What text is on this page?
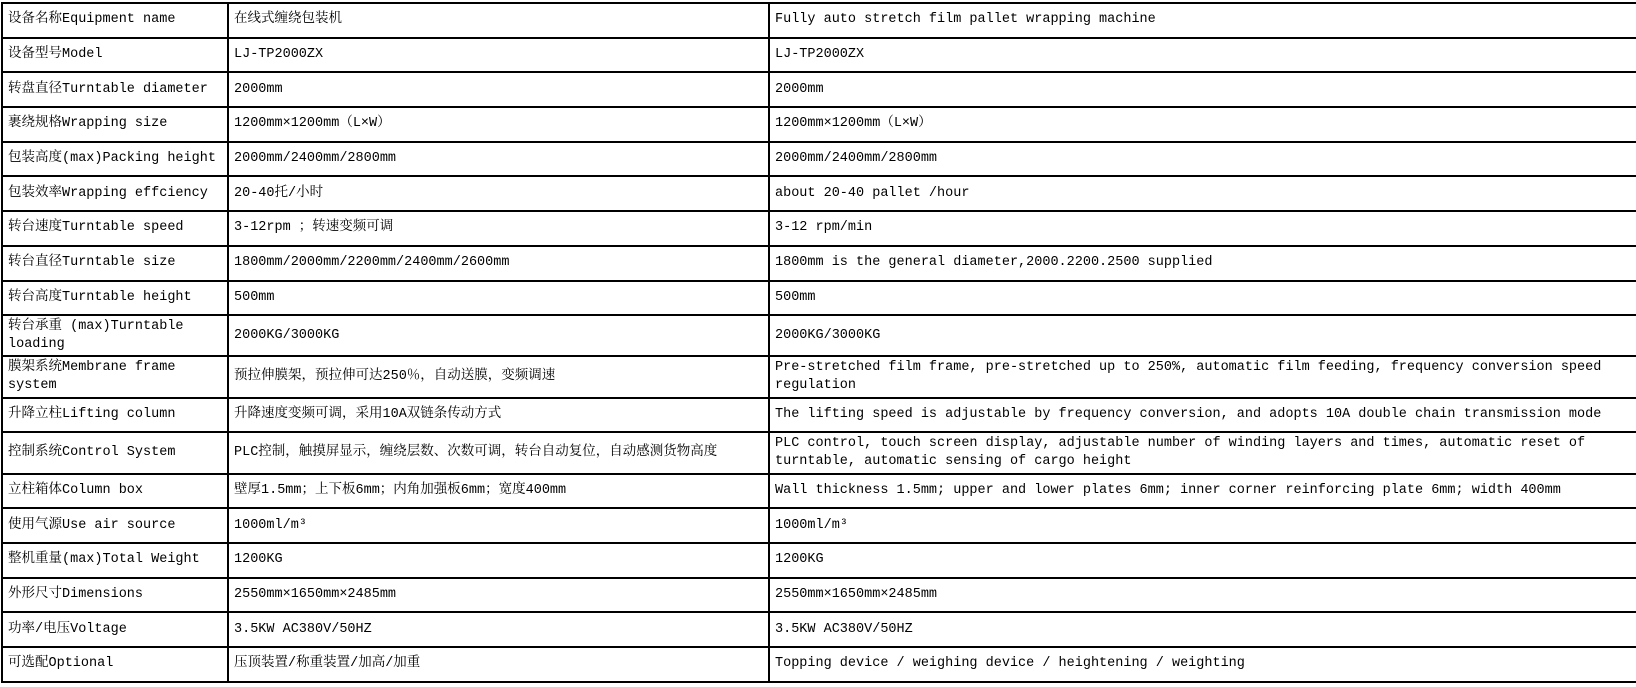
设备名称Equipment name	在线式缠绕包装机	Fully auto stretch film pallet wrapping machine
设备型号Model	LJ-TP2000ZX	LJ-TP2000ZX
转盘直径Turntable diameter	2000mm	2000mm
裹绕规格Wrapping size	1200mm×1200mm（L×W）	1200mm×1200mm（L×W）
包装高度(max)Packing height	2000mm/2400mm/2800mm	2000mm/2400mm/2800mm
包装效率Wrapping effciency	20-40托/小时	about 20-40 pallet /hour
转台速度Turntable speed	3-12rpm ；转速变频可调	3-12 rpm/min
转台直径Turntable size	1800mm/2000mm/2200mm/2400mm/2600mm	1800mm is the general diameter,2000.2200.2500 supplied
转台高度Turntable height	500mm	500mm
转台承重 (max)Turntable loading	2000KG/3000KG	2000KG/3000KG
膜架系统Membrane frame system	预拉伸膜架，预拉伸可达250％，自动送膜，变频调速	Pre-stretched film frame, pre-stretched up to 250%, automatic film feeding, frequency conversion speed regulation
升降立柱Lifting column	升降速度变频可调，采用10A双链条传动方式	The lifting speed is adjustable by frequency conversion, and adopts 10A double chain transmission mode
控制系统Control System	PLC控制，触摸屏显示，缠绕层数、次数可调，转台自动复位，自动感测货物高度	PLC control, touch screen display, adjustable number of winding layers and times, automatic reset of turntable, automatic sensing of cargo height
立柱箱体Column box	壁厚1.5mm；上下板6mm；内角加强板6mm；宽度400mm	Wall thickness 1.5mm; upper and lower plates 6mm; inner corner reinforcing plate 6mm; width 400mm
使用气源Use air source	1000ml/m³	1000ml/m³
整机重量(max)Total Weight	1200KG	1200KG
外形尺寸Dimensions	2550mm×1650mm×2485mm	2550mm×1650mm×2485mm
功率/电压Voltage	3.5KW AC380V/50HZ	3.5KW AC380V/50HZ
可选配Optional	压顶装置/称重装置/加高/加重	Topping device / weighing device / heightening / weighting
